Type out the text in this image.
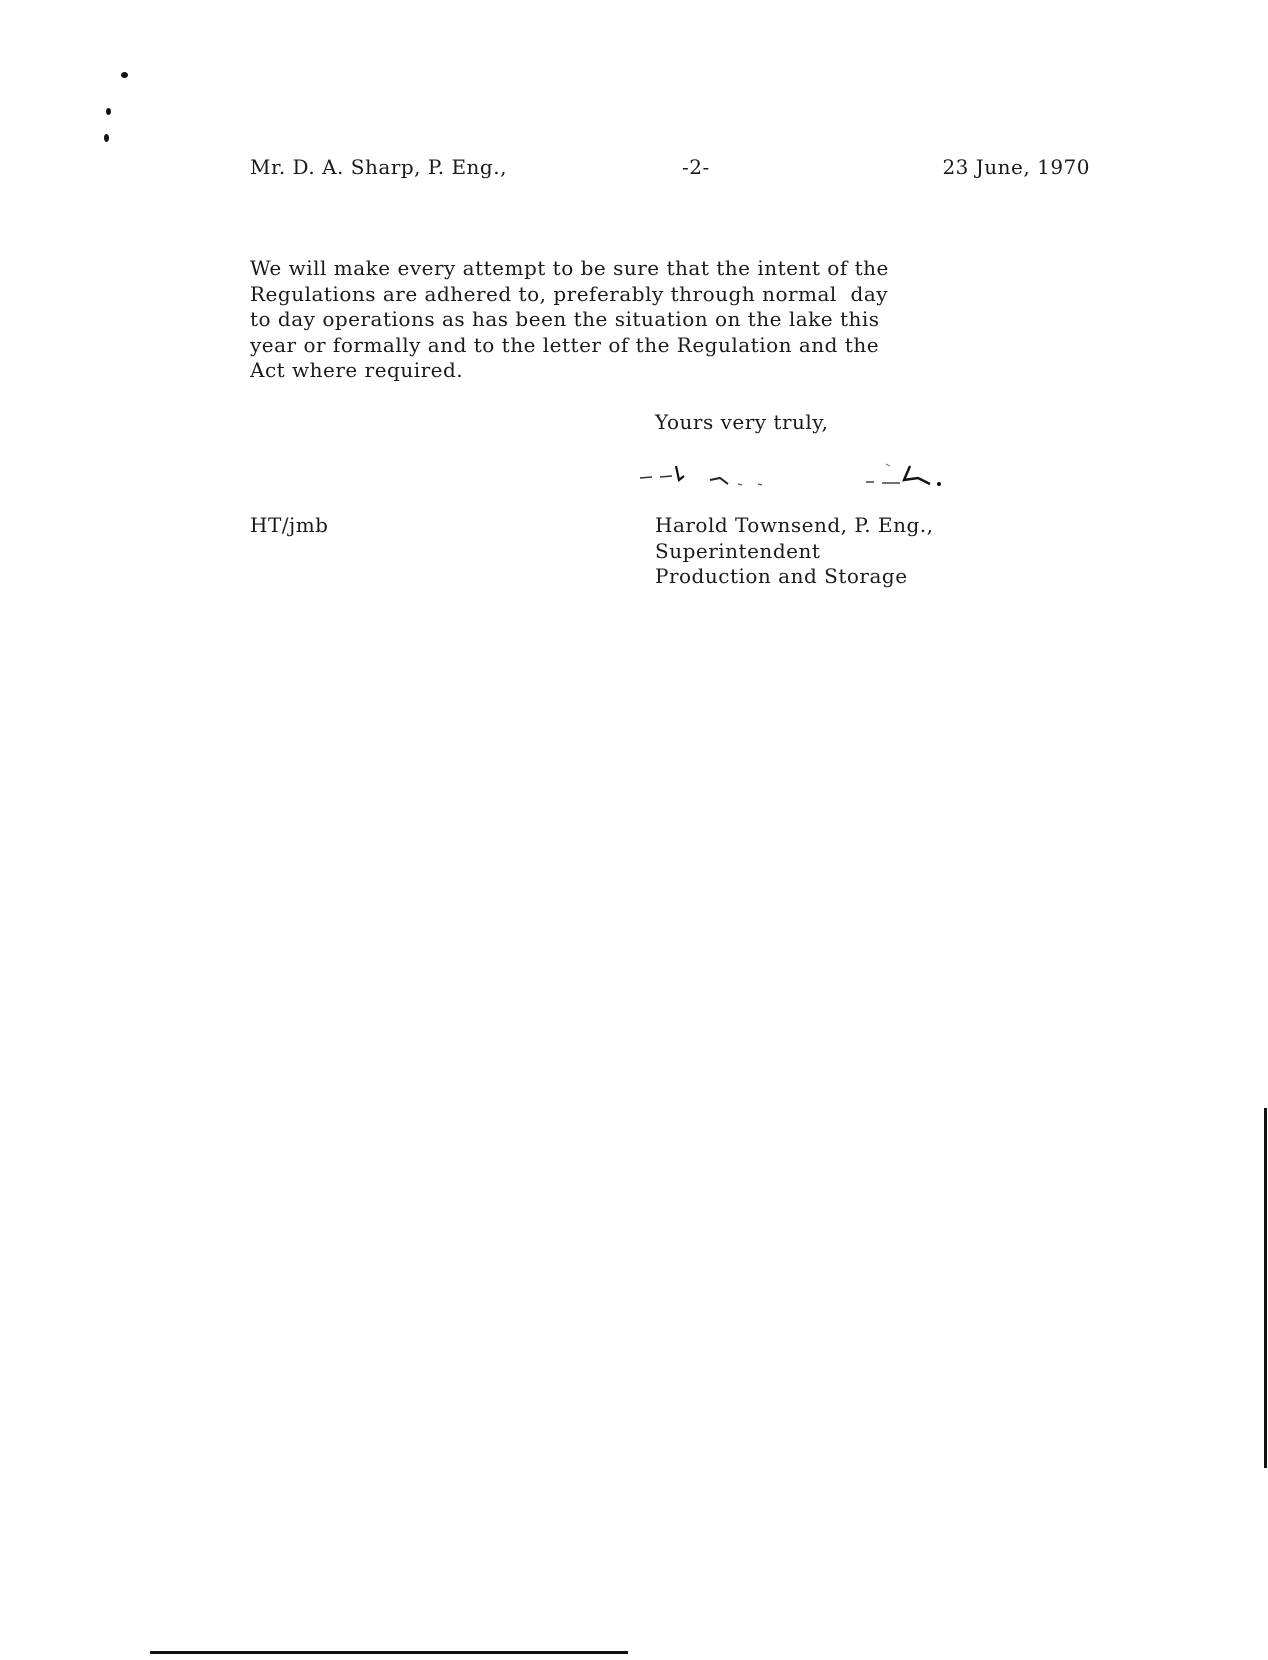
Mr. D. A. Sharp, P. Eng.,	-2-	23 June, 1970
We will make every attempt to be sure that the intent of the
Regulations are adhered to, preferably through normal  day
to day operations as has been the situation on the lake this
year or formally and to the letter of the Regulation and the
Act where required.
Yours very truly,
HT/jmb	Harold Townsend, P. Eng.,
Superintendent
Production and Storage
